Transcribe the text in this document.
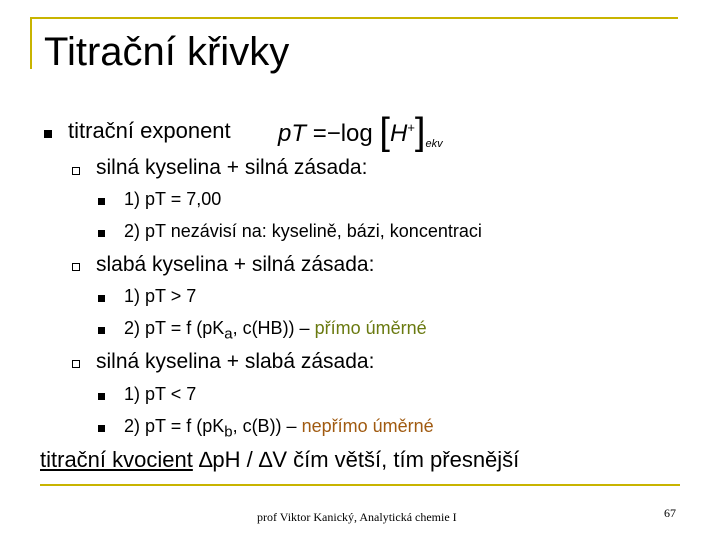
Titrační křivky
titrační exponent pT =−log $[H^+]_{ekv}$
silná kyselina + silná zásada:
1) pT = 7,00
2) pT nezávisí na: kyselině, bázi, koncentraci
slabá kyselina + silná zásada:
1) pT > 7
2) pT = f ($pK_a$, c(HB)) – přímo úměrné
silná kyselina + slabá zásada:
1) pT < 7
2) pT = f ($pK_b$, c(B)) – nepřímo úměrné
titrační kvocient ∆pH / ∆V čím větší, tím přesnější
prof Viktor Kanický, Analytická chemie I	67
